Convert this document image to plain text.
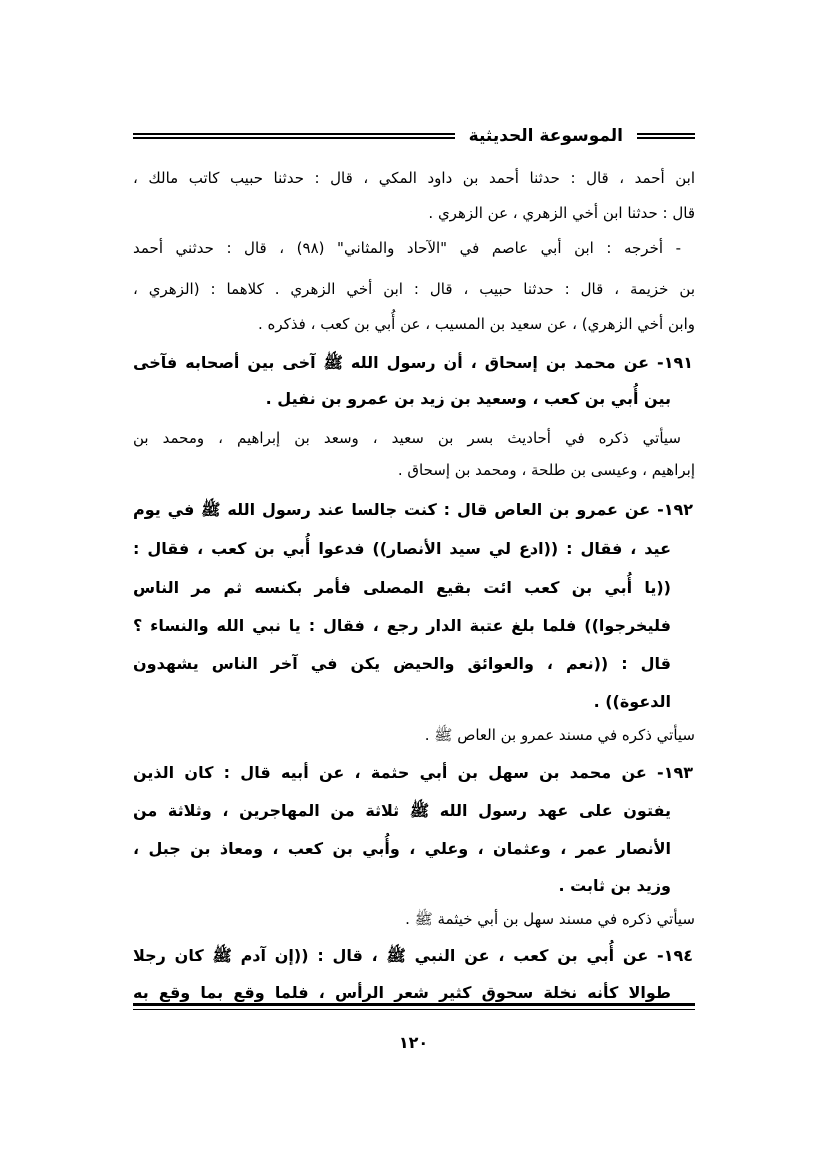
الموسوعة الحديثية
ابن أحمد ، قال : حدثنا أحمد بن داود المكي ، قال : حدثنا حبيب كاتب مالك ،
قال : حدثنا ابن أخي الزهري ، عن الزهري .
- أخرجه : ابن أبي عاصم في "الآحاد والمثاني" (٩٨) ، قال : حدثني أحمد
بن خزيمة ، قال : حدثنا حبيب ، قال : ابن أخي الزهري . كلاهما : (الزهري ،
وابن أخي الزهري) ، عن سعيد بن المسيب ، عن أُبي بن كعب ، فذكره .
١٩١- عن محمد بن إسحاق ، أن رسول الله ﷺ آخى بين أصحابه فآخى
بين أُبي بن كعب ، وسعيد بن زيد بن عمرو بن نفيل .
سيأتي ذكره في أحاديث بسر بن سعيد ، وسعد بن إبراهيم ، ومحمد بن
إبراهيم ، وعيسى بن طلحة ، ومحمد بن إسحاق .
١٩٢- عن عمرو بن العاص قال : كنت جالسا عند رسول الله ﷺ في يوم
عيد ، فقال : ((ادع لي سيد الأنصار)) فدعوا أُبي بن كعب ، فقال :
((يا أُبي بن كعب ائت بقيع المصلى فأمر بكنسه ثم مر الناس
فليخرجوا)) فلما بلغ عتبة الدار رجع ، فقال : يا نبي الله والنساء ؟
قال : ((نعم ، والعوائق والحيض يكن في آخر الناس يشهدون
الدعوة)) .
سيأتي ذكره في مسند عمرو بن العاص ﷺ .
١٩٣- عن محمد بن سهل بن أبي حثمة ، عن أبيه قال : كان الذين
يفتون على عهد رسول الله ﷺ ثلاثة من المهاجرين ، وثلاثة من
الأنصار عمر ، وعثمان ، وعلي ، وأُبي بن كعب ، ومعاذ بن جبل ،
وزيد بن ثابت .
سيأتي ذكره في مسند سهل بن أبي خيثمة ﷺ .
١٩٤- عن أُبي بن كعب ، عن النبي ﷺ ، قال : ((إن آدم ﷺ كان رجلا
طوالا كأنه نخلة سحوق كثير شعر الرأس ، فلما وقع بما وقع به
١٢٠
